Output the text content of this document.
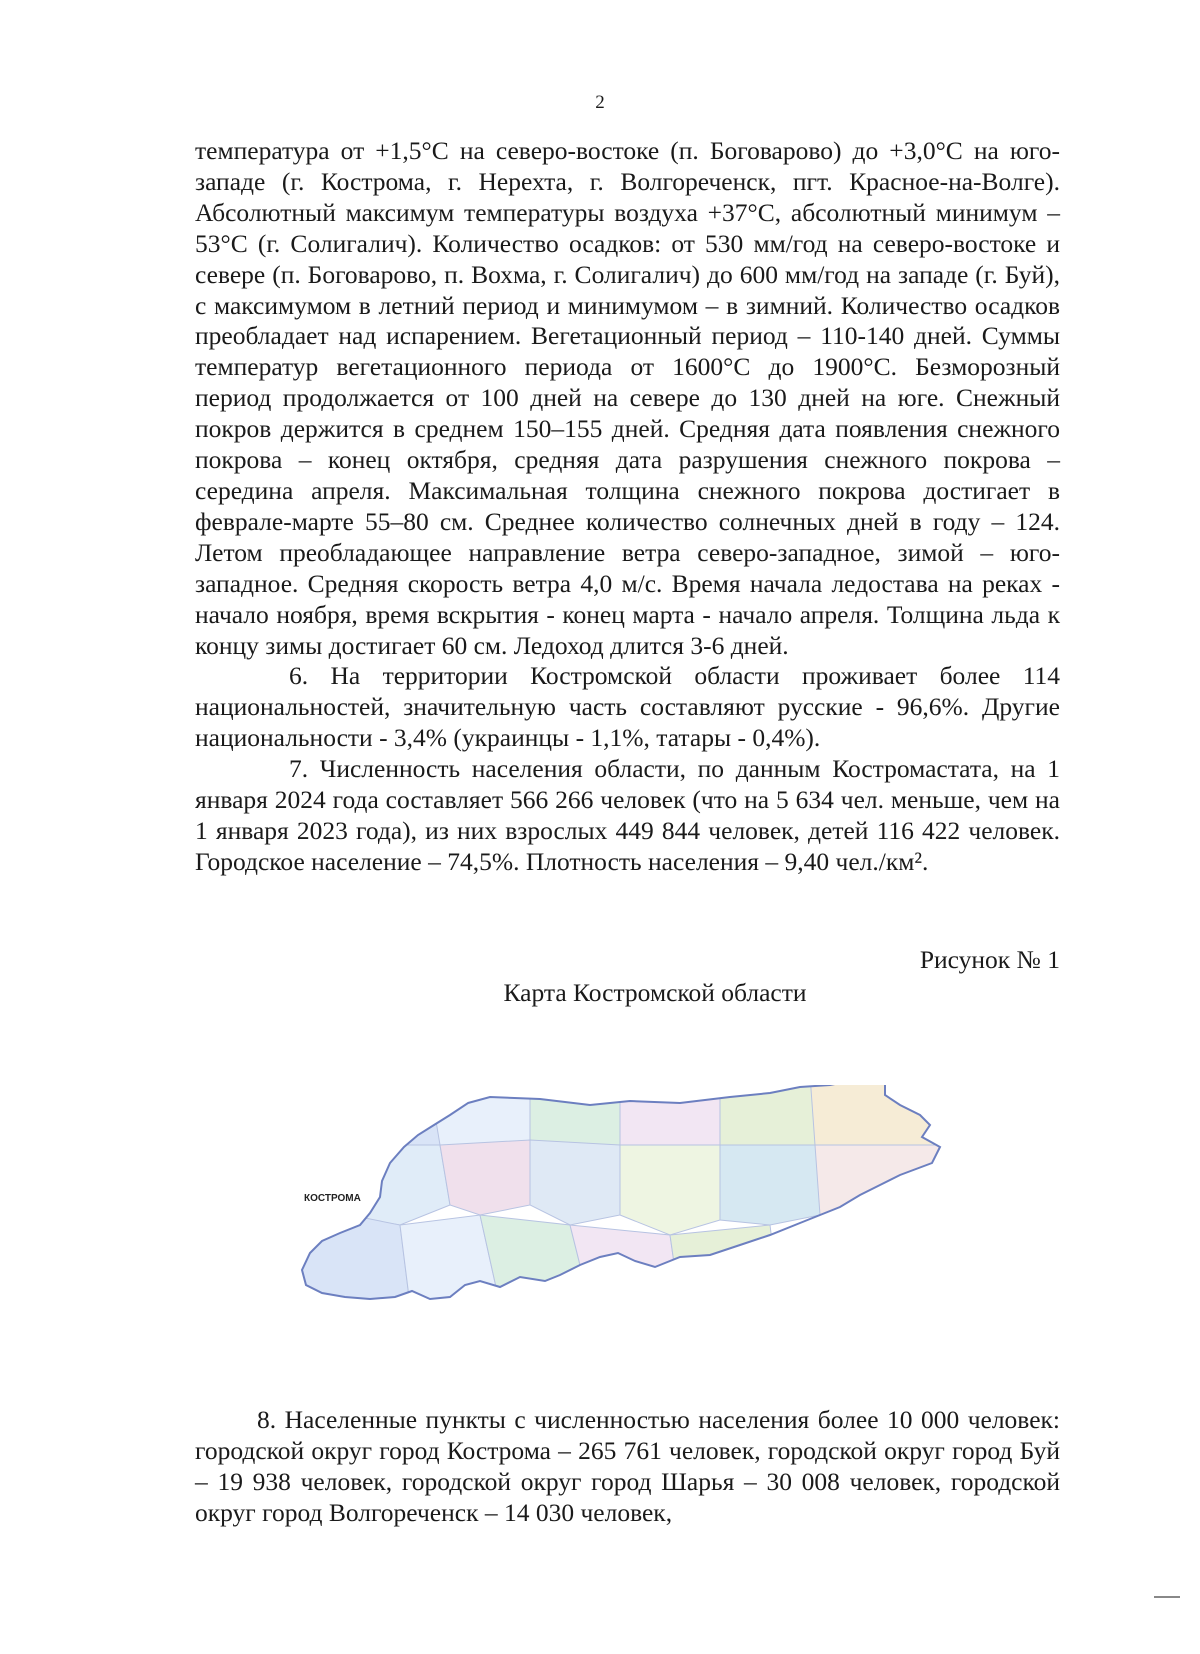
2

температура от +1,5°C на северо-востоке (п. Боговарово) до +3,0°C на юго-западе (г. Кострома, г. Нерехта, г. Волгореченск, пгт. Красное-на-Волге). Абсолютный максимум температуры воздуха +37°C, абсолютный минимум –53°C (г. Солигалич). Количество осадков: от 530 мм/год на северо-востоке и севере (п. Боговарово, п. Вохма, г. Солигалич) до 600 мм/год на западе (г. Буй), с максимумом в летний период и минимумом – в зимний. Количество осадков преобладает над испарением. Вегетационный период – 110-140 дней. Суммы температур вегетационного периода от 1600°C до 1900°C. Безморозный период продолжается от 100 дней на севере до 130 дней на юге. Снежный покров держится в среднем 150–155 дней. Средняя дата появления снежного покрова – конец октября, средняя дата разрушения снежного покрова – середина апреля. Максимальная толщина снежного покрова достигает в феврале-марте 55–80 см. Среднее количество солнечных дней в году – 124. Летом преобладающее направление ветра северо-западное, зимой – юго-западное. Средняя скорость ветра 4,0 м/с. Время начала ледостава на реках - начало ноября, время вскрытия - конец марта - начало апреля. Толщина льда к концу зимы достигает 60 см. Ледоход длится 3-6 дней.

6. На территории Костромской области проживает более 114 национальностей, значительную часть составляют русские - 96,6%. Другие национальности - 3,4% (украинцы - 1,1%, татары - 0,4%).

7. Численность населения области, по данным Костромастата, на 1 января 2024 года составляет 566 266 человек (что на 5 634 чел. меньше, чем на 1 января 2023 года), из них взрослых 449 844 человек, детей 116 422 человек. Городское население – 74,5%. Плотность населения – 9,40 чел./км².

Рисунок № 1
Карта Костромской области
КОСТРОМА

8. Населенные пункты с численностью населения более 10 000 человек: городской округ город Кострома – 265 761 человек, городской округ город Буй – 19 938 человек, городской округ город Шарья – 30 008 человек, городской округ город Волгореченск – 14 030 человек,
